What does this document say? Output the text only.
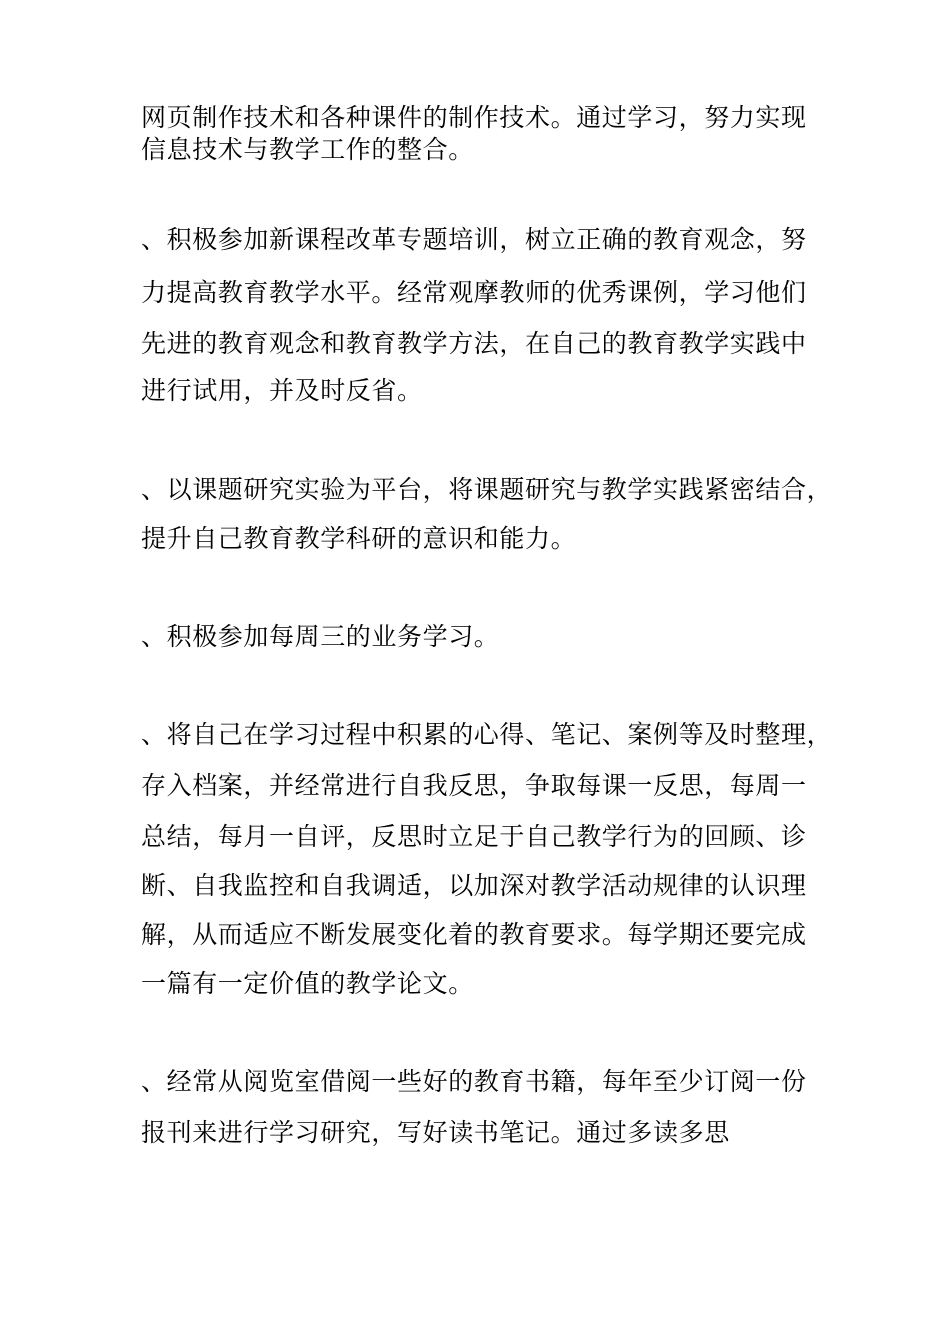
网页制作技术和各种课件的制作技术。通过学习，努力实现
信息技术与教学工作的整合。
、积极参加新课程改革专题培训，树立正确的教育观念，努
力提高教育教学水平。经常观摩教师的优秀课例，学习他们
先进的教育观念和教育教学方法，在自己的教育教学实践中
进行试用，并及时反省。
、以课题研究实验为平台，将课题研究与教学实践紧密结合，
提升自己教育教学科研的意识和能力。
、积极参加每周三的业务学习。
、将自己在学习过程中积累的心得、笔记、案例等及时整理，
存入档案，并经常进行自我反思，争取每课一反思，每周一
总结，每月一自评，反思时立足于自己教学行为的回顾、诊
断、自我监控和自我调适，以加深对教学活动规律的认识理
解，从而适应不断发展变化着的教育要求。每学期还要完成
一篇有一定价值的教学论文。
、经常从阅览室借阅一些好的教育书籍，每年至少订阅一份
报刊来进行学习研究，写好读书笔记。通过多读多思
